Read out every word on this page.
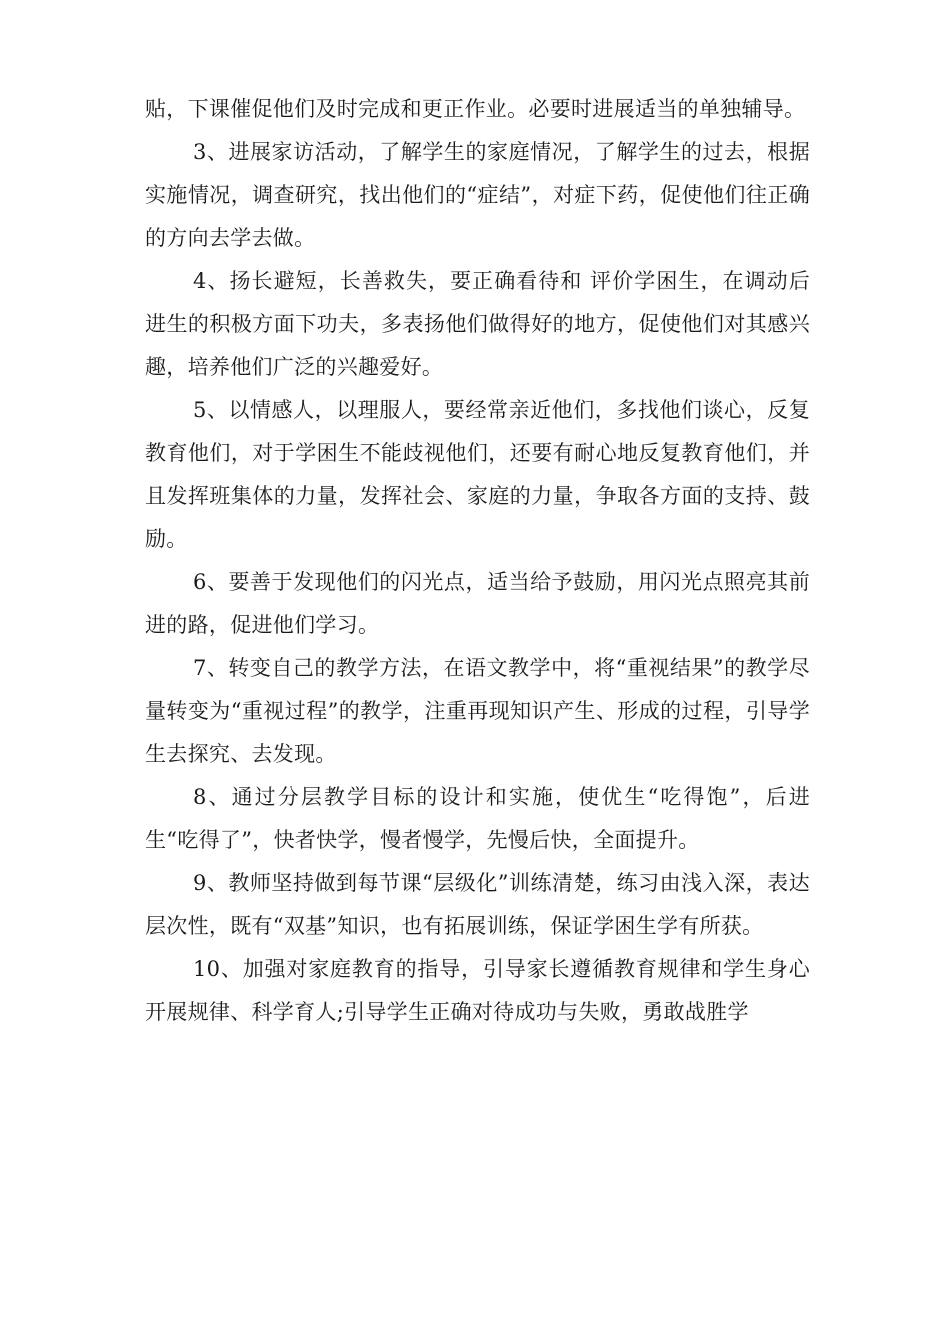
贴，下课催促他们及时完成和更正作业。必要时进展适当的单独辅导。

3、进展家访活动，了解学生的家庭情况，了解学生的过去，根据实施情况，调查研究，找出他们的“症结”，对症下药，促使他们往正确的方向去学去做。

4、扬长避短，长善救失，要正确看待和 评价学困生，在调动后进生的积极方面下功夫，多表扬他们做得好的地方，促使他们对其感兴趣，培养他们广泛的兴趣爱好。

5、以情感人，以理服人，要经常亲近他们，多找他们谈心，反复教育他们，对于学困生不能歧视他们，还要有耐心地反复教育他们，并且发挥班集体的力量，发挥社会、家庭的力量，争取各方面的支持、鼓励。

6、要善于发现他们的闪光点，适当给予鼓励，用闪光点照亮其前进的路，促进他们学习。

7、转变自己的教学方法，在语文教学中，将“重视结果”的教学尽量转变为“重视过程”的教学，注重再现知识产生、形成的过程，引导学生去探究、去发现。

8、通过分层教学目标的设计和实施，使优生“吃得饱”，后进生“吃得了”，快者快学，慢者慢学，先慢后快，全面提升。

9、教师坚持做到每节课“层级化”训练清楚，练习由浅入深，表达层次性，既有“双基”知识，也有拓展训练，保证学困生学有所获。

10、加强对家庭教育的指导，引导家长遵循教育规律和学生身心开展规律、科学育人;引导学生正确对待成功与失败，勇敢战胜学
